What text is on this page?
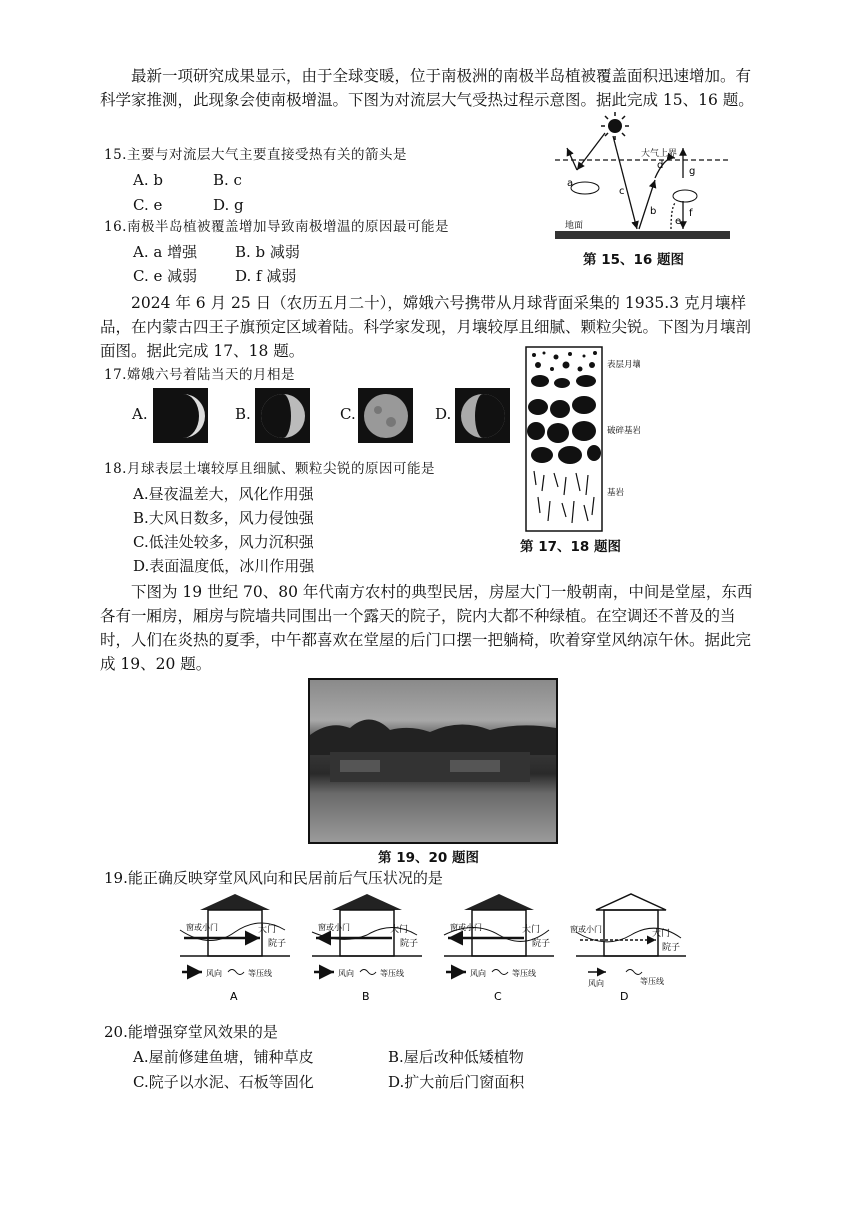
最新一项研究成果显示，由于全球变暖，位于南极洲的南极半岛植被覆盖面积迅速增加。有科学家推测，此现象会使南极增温。下图为对流层大气受热过程示意图。据此完成 15、16 题。
15.主要与对流层大气主要直接受热有关的箭头是
A. b	B. c
C. e	D. g
16.南极半岛植被覆盖增加导致南极增温的原因最可能是
A. a 增强	B. b 减弱
C. e 减弱	D. f 减弱
大气上界
地面
a
b
c
d
e
f
g
第 15、16 题图
2024 年 6 月 25 日（农历五月二十），嫦娥六号携带从月球背面采集的 1935.3 克月壤样品，在内蒙古四王子旗预定区域着陆。科学家发现，月壤较厚且细腻、颗粒尖锐。下图为月壤剖面图。据此完成 17、18 题。
17.嫦娥六号着陆当天的月相是
A.	B.	C.	D.
18.月球表层土壤较厚且细腻、颗粒尖锐的原因可能是
A.昼夜温差大，风化作用强
B.大风日数多，风力侵蚀强
C.低洼处较多，风力沉积强
D.表面温度低，冰川作用强
表层月壤
破碎基岩
基岩
第 17、18 题图
下图为 19 世纪 70、80 年代南方农村的典型民居，房屋大门一般朝南，中间是堂屋，东西各有一厢房，厢房与院墙共同围出一个露天的院子，院内大都不种绿植。在空调还不普及的当时，人们在炎热的夏季，中午都喜欢在堂屋的后门口摆一把躺椅，吹着穿堂风纳凉午休。据此完成 19、20 题。
第 19、20 题图
19.能正确反映穿堂风风向和民居前后气压状况的是
窗或小门	大门
院子
风向	等压线
A
窗或小门	大门
院子
风向	等压线
B
窗或小门	大门
院子
风向	等压线
C
窗或小门	大门
院子
风向	等压线
D
20.能增强穿堂风效果的是
A.屋前修建鱼塘，铺种草皮	B.屋后改种低矮植物
C.院子以水泥、石板等固化	D.扩大前后门窗面积
